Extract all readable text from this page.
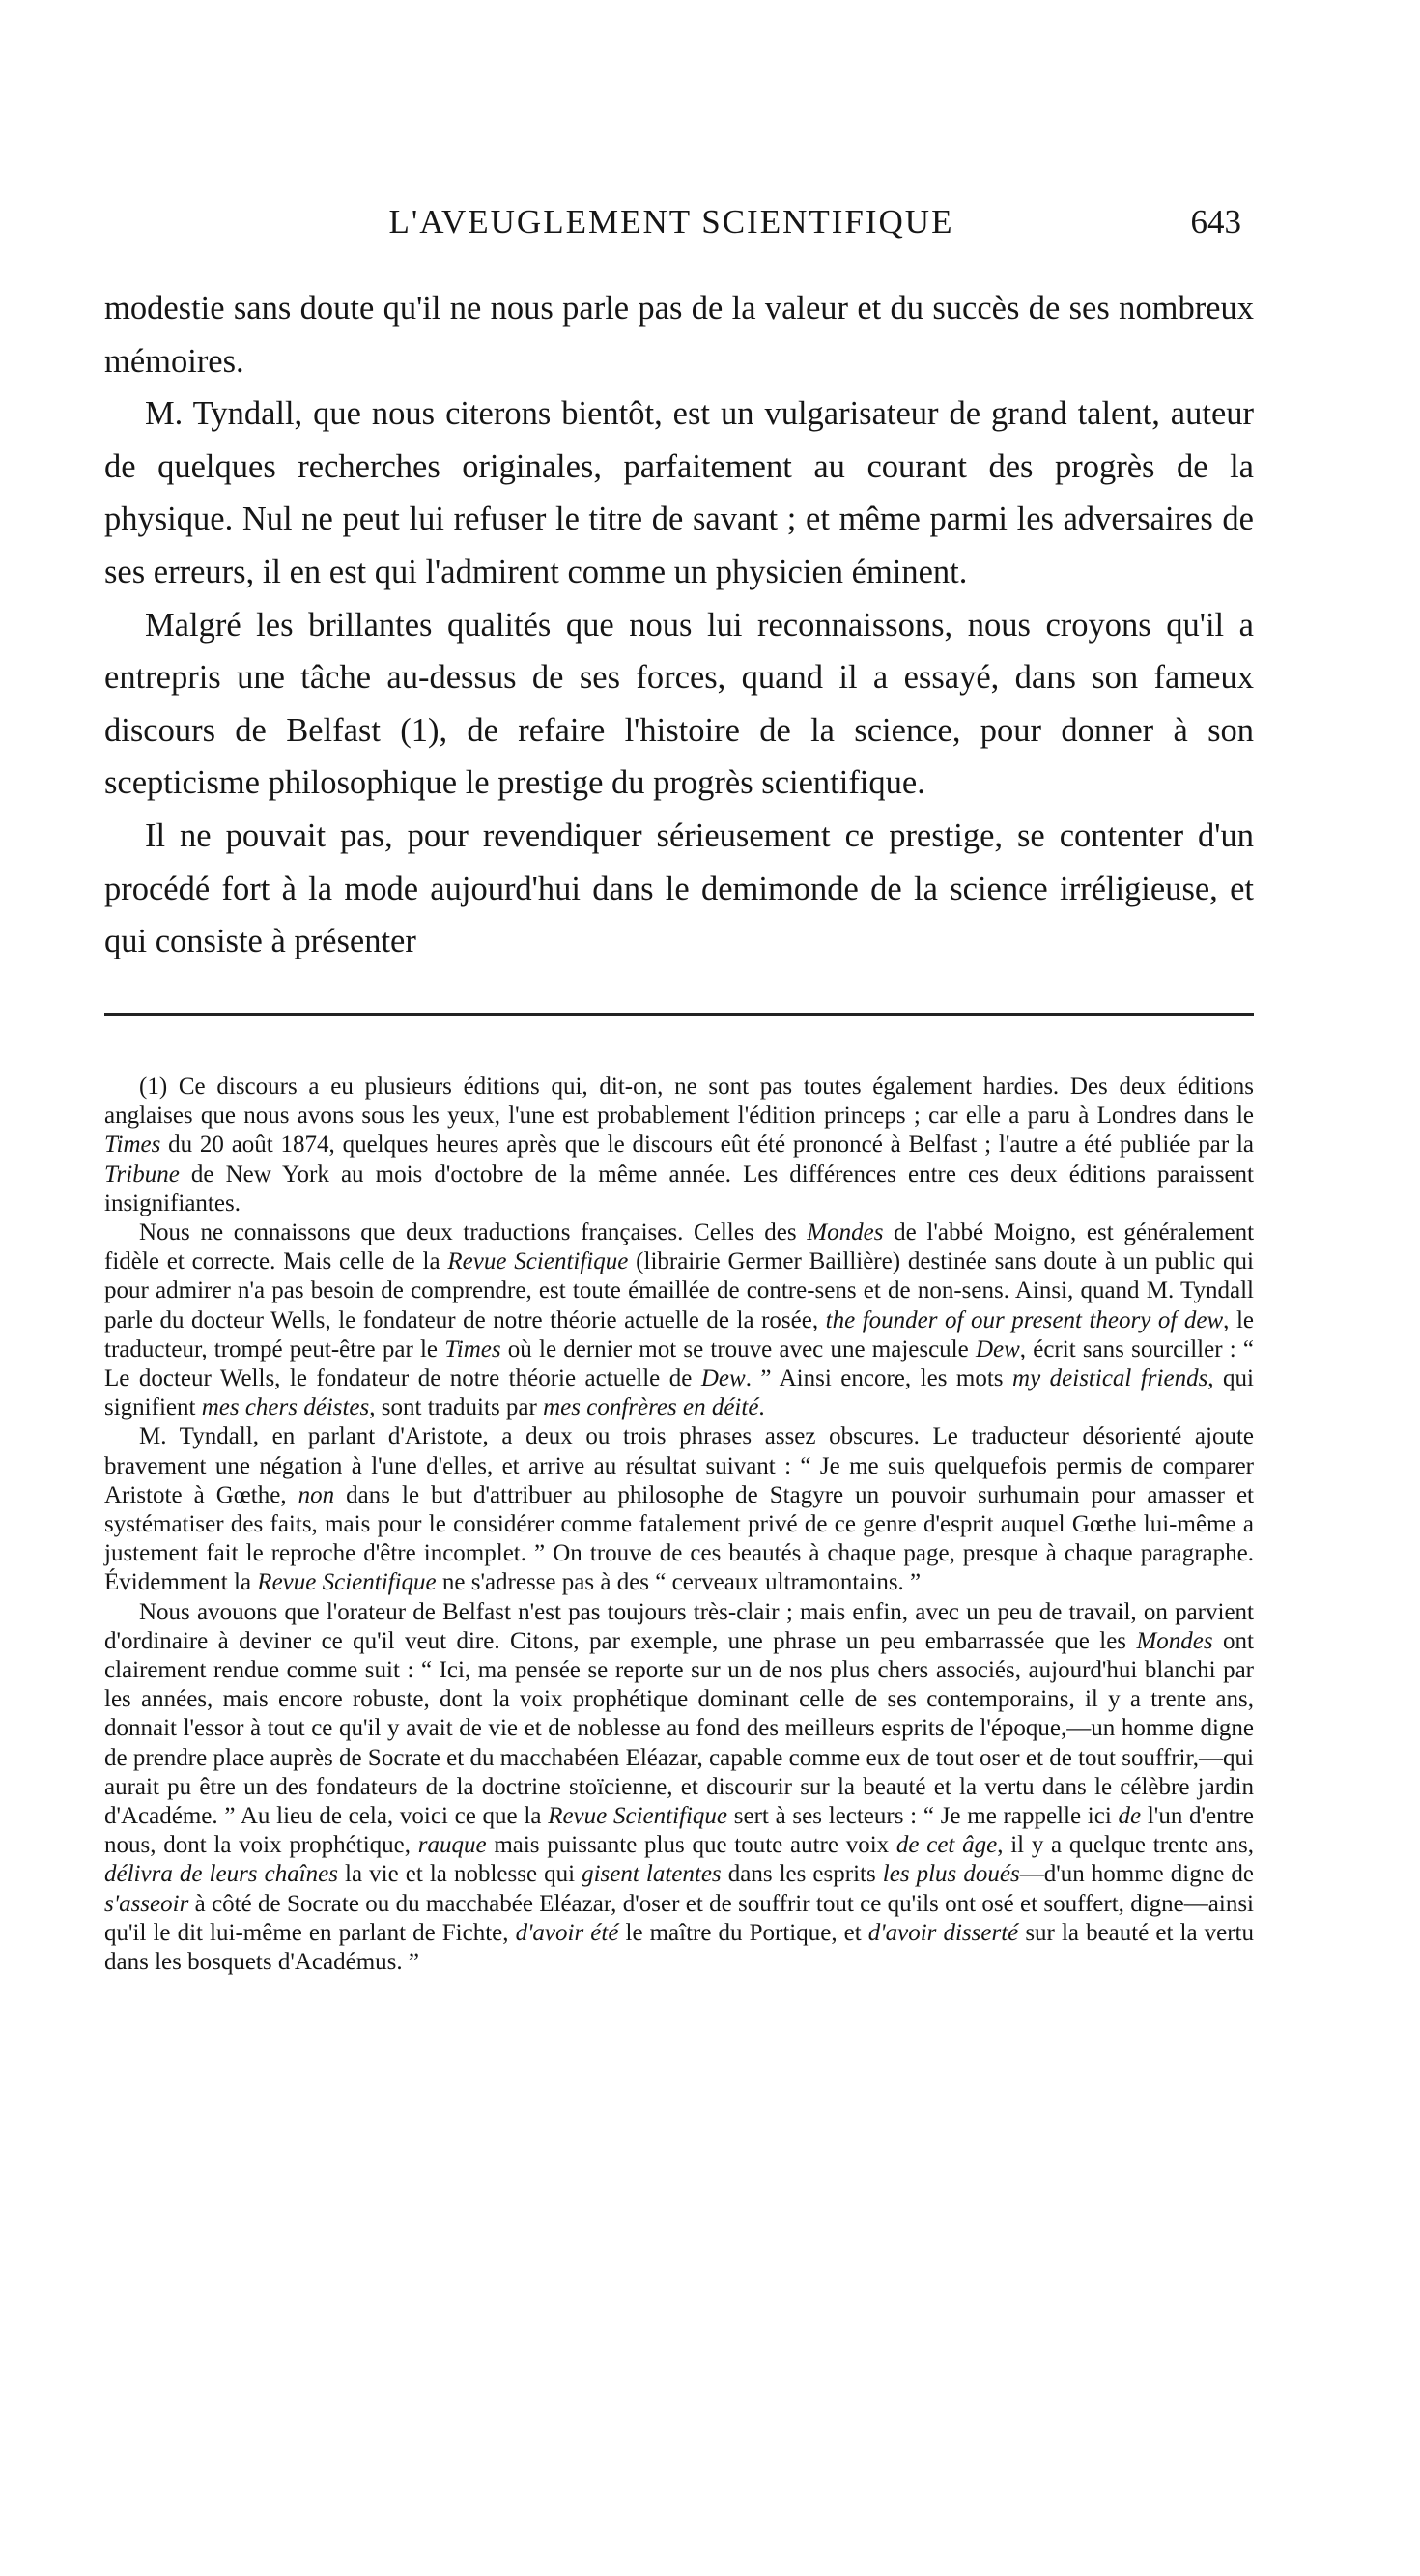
L'AVEUGLEMENT SCIENTIFIQUE	643

modestie sans doute qu'il ne nous parle pas de la valeur et du succès de ses nombreux mémoires.

M. Tyndall, que nous citerons bientôt, est un vulgarisateur de grand talent, auteur de quelques recherches originales, parfaitement au courant des progrès de la physique. Nul ne peut lui refuser le titre de savant ; et même parmi les adversaires de ses erreurs, il en est qui l'admirent comme un physicien éminent.

Malgré les brillantes qualités que nous lui reconnaissons, nous croyons qu'il a entrepris une tâche au-dessus de ses forces, quand il a essayé, dans son fameux discours de Belfast (1), de refaire l'histoire de la science, pour donner à son scepticisme philosophique le prestige du progrès scientifique.

Il ne pouvait pas, pour revendiquer sérieusement ce prestige, se contenter d'un procédé fort à la mode aujourd'hui dans le demimonde de la science irréligieuse, et qui consiste à présenter

(1) Ce discours a eu plusieurs éditions qui, dit-on, ne sont pas toutes également hardies. Des deux éditions anglaises que nous avons sous les yeux, l'une est probablement l'édition princeps ; car elle a paru à Londres dans le Times du 20 août 1874, quelques heures après que le discours eût été prononcé à Belfast ; l'autre a été publiée par la Tribune de New York au mois d'octobre de la même année. Les différences entre ces deux éditions paraissent insignifiantes.

Nous ne connaissons que deux traductions françaises. Celles des Mondes de l'abbé Moigno, est généralement fidèle et correcte. Mais celle de la Revue Scientifique (librairie Germer Baillière) destinée sans doute à un public qui pour admirer n'a pas besoin de comprendre, est toute émaillée de contre-sens et de non-sens. Ainsi, quand M. Tyndall parle du docteur Wells, le fondateur de notre théorie actuelle de la rosée, the founder of our present theory of dew, le traducteur, trompé peut-être par le Times où le dernier mot se trouve avec une majescule Dew, écrit sans sourciller : “ Le docteur Wells, le fondateur de notre théorie actuelle de Dew. ” Ainsi encore, les mots my deistical friends, qui signifient mes chers déistes, sont traduits par mes confrères en déité.

M. Tyndall, en parlant d'Aristote, a deux ou trois phrases assez obscures. Le traducteur désorienté ajoute bravement une négation à l'une d'elles, et arrive au résultat suivant : “ Je me suis quelquefois permis de comparer Aristote à Gœthe, non dans le but d'attribuer au philosophe de Stagyre un pouvoir surhumain pour amasser et systématiser des faits, mais pour le considérer comme fatalement privé de ce genre d'esprit auquel Gœthe lui-même a justement fait le reproche d'être incomplet. ” On trouve de ces beautés à chaque page, presque à chaque paragraphe. Évidemment la Revue Scientifique ne s'adresse pas à des “ cerveaux ultramontains. ”

Nous avouons que l'orateur de Belfast n'est pas toujours très-clair ; mais enfin, avec un peu de travail, on parvient d'ordinaire à deviner ce qu'il veut dire. Citons, par exemple, une phrase un peu embarrassée que les Mondes ont clairement rendue comme suit : “ Ici, ma pensée se reporte sur un de nos plus chers associés, aujourd'hui blanchi par les années, mais encore robuste, dont la voix prophétique dominant celle de ses contemporains, il y a trente ans, donnait l'essor à tout ce qu'il y avait de vie et de noblesse au fond des meilleurs esprits de l'époque,—un homme digne de prendre place auprès de Socrate et du macchabéen Eléazar, capable comme eux de tout oser et de tout souffrir,—qui aurait pu être un des fondateurs de la doctrine stoïcienne, et discourir sur la beauté et la vertu dans le célèbre jardin d'Académe. ” Au lieu de cela, voici ce que la Revue Scientifique sert à ses lecteurs : “ Je me rappelle ici de l'un d'entre nous, dont la voix prophétique, rauque mais puissante plus que toute autre voix de cet âge, il y a quelque trente ans, délivra de leurs chaînes la vie et la noblesse qui gisent latentes dans les esprits les plus doués—d'un homme digne de s'asseoir à côté de Socrate ou du macchabée Eléazar, d'oser et de souffrir tout ce qu'ils ont osé et souffert, digne—ainsi qu'il le dit lui-même en parlant de Fichte, d'avoir été le maître du Portique, et d'avoir disserté sur la beauté et la vertu dans les bosquets d'Académus. ”
